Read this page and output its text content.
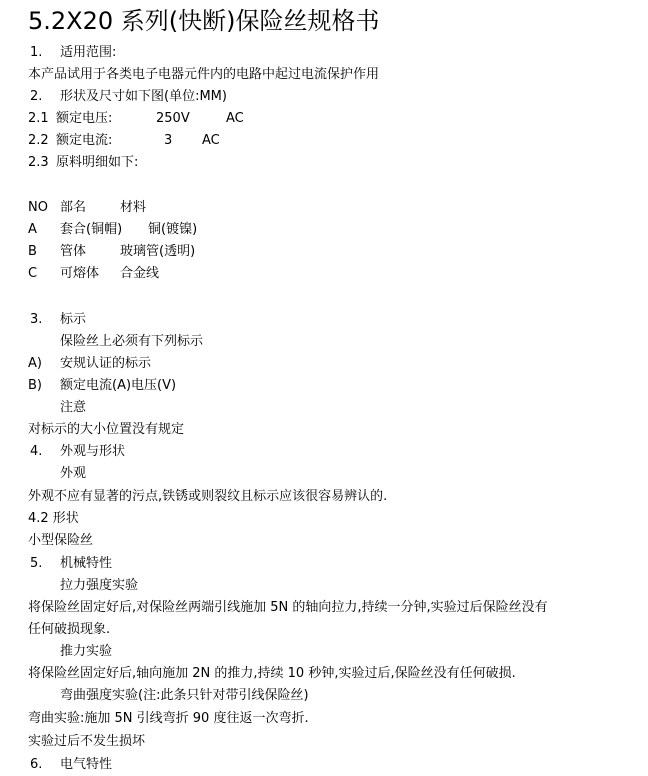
5.2X20 系列(快断)保险丝规格书
1. 适用范围:
本产品试用于各类电子电器元件内的电路中起过电流保护作用
2. 形状及尺寸如下图(单位:MM)
2.1 额定电压:	250V	AC
2.2 额定电流:	3 AC
2.3 原料明细如下:
NO 部名	材料
A 套合(铜帽) 铜(镀镍)
B 管体	玻璃管(透明)
C 可熔体 合金线
3. 标示
保险丝上必须有下列标示
A) 安规认证的标示
B) 额定电流(A)电压(V)
注意
对标示的大小位置没有规定
4. 外观与形状
外观
外观不应有显著的污点,铁锈或则裂纹且标示应该很容易辨认的.
4.2 形状
小型保险丝
5. 机械特性
拉力强度实验
将保险丝固定好后,对保险丝两端引线施加 5N 的轴向拉力,持续一分钟,实验过后保险丝没有
任何破损现象.
推力实验
将保险丝固定好后,轴向施加 2N 的推力,持续 10 秒钟,实验过后,保险丝没有任何破损.
弯曲强度实验(注:此条只针对带引线保险丝)
弯曲实验:施加 5N 引线弯折 90 度往返一次弯折.
实验过后不发生损坏
6. 电气特性
